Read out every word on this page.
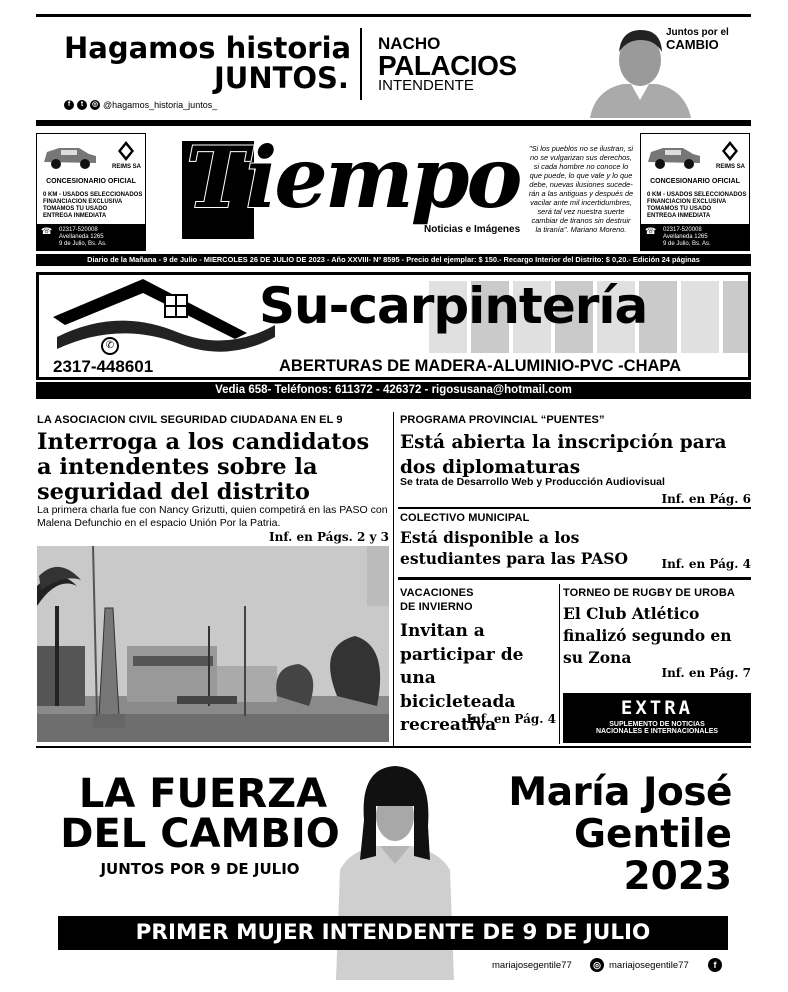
Hagamos historia
JUNTOS.
f	t	◎ @hagamos_historia_juntos_
NACHO
PALACIOS
INTENDENTE
Juntos por el
CAMBIO
REIMS SA
CONCESIONARIO OFICIAL
0 KM - USADOS SELECCIONADOS
FINANCIACION EXCLUSIVA
TOMAMOS TU USADO
ENTREGA INMEDIATA
☎ 02317-520008
Avellaneda 1265
9 de Julio, Bs. As.
Tiempo
Noticias e Imágenes
"Si los pueblos no se ilustran, si no se vulgarizan sus derechos, si cada hombre no conoce lo que puede, lo que vale y lo que debe, nuevas ilusiones sucede-rán a las antiguas y después de vacilar ante mil incertidumbres, será tal vez nuestra suerte cambiar de tiranos sin destruir la tiranía". Mariano Moreno.
REIMS SA
CONCESIONARIO OFICIAL
0 KM - USADOS SELECCIONADOS
FINANCIACION EXCLUSIVA
TOMAMOS TU USADO
ENTREGA INMEDIATA
☎ 02317-520008
Avellaneda 1265
9 de Julio, Bs. As.
Diario de la Mañana - 9 de Julio - MIERCOLES 26 DE JULIO DE 2023 - Año XXVIII- Nº 8595 - Precio del ejemplar: $ 150.- Recargo Interior del Distrito: $ 0,20.- Edición 24 páginas
Su-carpintería
✆
2317-448601	ABERTURAS DE MADERA-ALUMINIO-PVC -CHAPA
Vedia 658- Teléfonos: 611372 - 426372 - rigosusana@hotmail.com
LA ASOCIACION CIVIL SEGURIDAD CIUDADANA EN EL 9
Interroga a los candidatos a intendentes sobre la seguridad del distrito
La primera charla fue con Nancy Grizutti, quien competirá en las PASO con Malena Defunchio en el espacio Unión Por la Patria.
Inf. en Págs. 2 y 3
PROGRAMA PROVINCIAL “PUENTES”
Está abierta la inscripción para dos diplomaturas
Se trata de Desarrollo Web y Producción Audiovisual
Inf. en Pág. 6
COLECTIVO MUNICIPAL
Está disponible a los estudiantes para las PASO	Inf. en Pág. 4
VACACIONES
DE INVIERNO
Invitan a participar de una bicicleteada recreativa
Inf. en Pág. 4
TORNEO DE RUGBY DE UROBA
El Club Atlético finalizó segundo en su Zona
Inf. en Pág. 7
EXTRA
SUPLEMENTO DE NOTICIAS
NACIONALES E INTERNACIONALES
LA FUERZA
DEL CAMBIO
JUNTOS POR 9 DE JULIO
María José
Gentile
2023
PRIMER MUJER INTENDENTE DE 9 DE JULIO
mariajosegentile77	◎ mariajosegentile77	f
